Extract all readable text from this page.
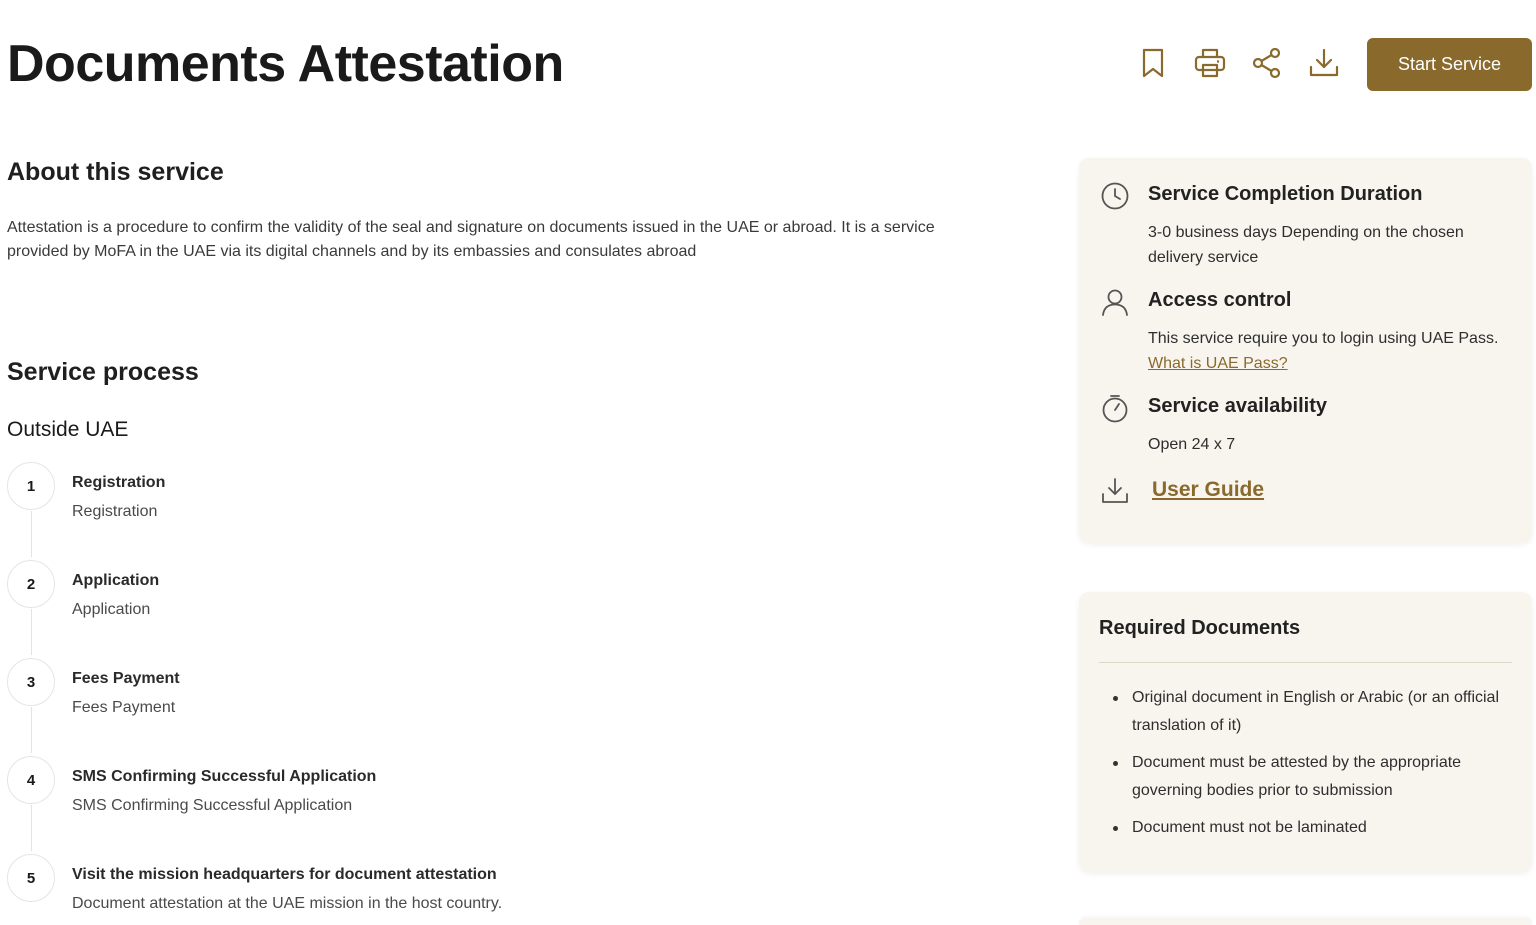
Documents Attestation	Start Service
About this service

Attestation is a procedure to confirm the validity of the seal and signature on documents issued in the UAE or abroad. It is a service provided by MoFA in the UAE via its digital channels and by its embassies and consulates abroad

Service process
Outside UAE
1	Registration
Registration
2	Application
Application
3	Fees Payment
Fees Payment
4	SMS Confirming Successful Application
SMS Confirming Successful Application
5	Visit the mission headquarters for document attestation
Document attestation at the UAE mission in the host country.
Service Completion Duration
3-0 business days Depending on the chosen delivery service
Access control
This service require you to login using UAE Pass.
What is UAE Pass?
Service availability
Open 24 x 7
User Guide
Required Documents
Original document in English or Arabic (or an official translation of it)
Document must be attested by the appropriate governing bodies prior to submission
Document must not be laminated
